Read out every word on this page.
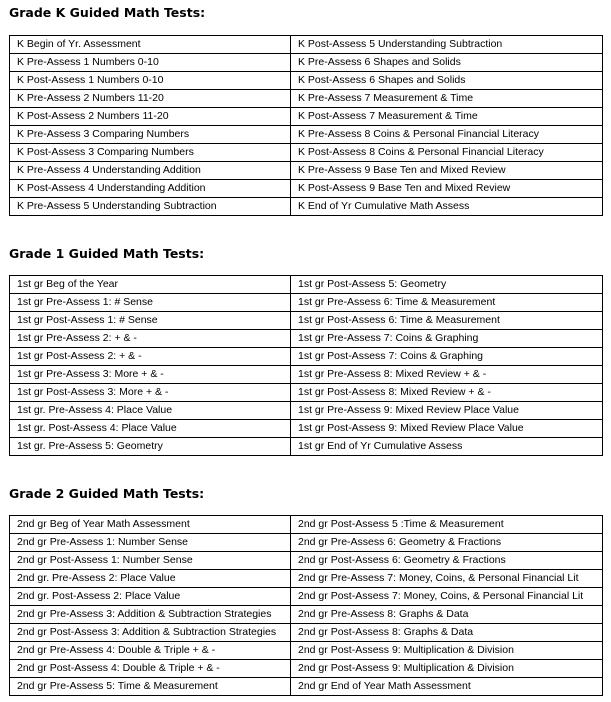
Grade K Guided Math Tests:
K Begin of Yr. Assessment	K Post-Assess 5 Understanding Subtraction
K Pre-Assess 1 Numbers 0-10	K Pre-Assess 6 Shapes and Solids
K Post-Assess 1 Numbers 0-10	K Post-Assess 6 Shapes and Solids
K Pre-Assess 2 Numbers 11-20	K Pre-Assess 7 Measurement & Time
K Post-Assess 2 Numbers 11-20	K Post-Assess 7 Measurement & Time
K Pre-Assess 3 Comparing Numbers	K Pre-Assess 8 Coins & Personal Financial Literacy
K Post-Assess 3 Comparing Numbers	K Post-Assess 8 Coins & Personal Financial Literacy
K Pre-Assess 4 Understanding Addition	K Pre-Assess 9 Base Ten and Mixed Review
K Post-Assess 4 Understanding Addition	K Post-Assess 9 Base Ten and Mixed Review
K Pre-Assess 5 Understanding Subtraction	K End of Yr Cumulative Math Assess
Grade 1 Guided Math Tests:
1st gr Beg of the Year	1st gr Post-Assess 5: Geometry
1st gr Pre-Assess 1: # Sense	1st gr Pre-Assess 6: Time & Measurement
1st gr Post-Assess 1: # Sense	1st gr Post-Assess 6: Time & Measurement
1st gr Pre-Assess 2: + & -	1st gr Pre-Assess 7: Coins & Graphing
1st gr Post-Assess 2: + & -	1st gr Post-Assess 7: Coins & Graphing
1st gr Pre-Assess 3: More + & -	1st gr Pre-Assess 8: Mixed Review + & -
1st gr Post-Assess 3: More + & -	1st gr Post-Assess 8: Mixed Review + & -
1st gr. Pre-Assess 4: Place Value	1st gr Pre-Assess 9: Mixed Review Place Value
1st gr. Post-Assess 4: Place Value	1st gr Post-Assess 9: Mixed Review Place Value
1st gr. Pre-Assess 5: Geometry	1st gr End of Yr Cumulative Assess
Grade 2 Guided Math Tests:
2nd gr Beg of Year Math Assessment	2nd gr Post-Assess 5 :Time & Measurement
2nd gr Pre-Assess 1: Number Sense	2nd gr Pre-Assess 6: Geometry & Fractions
2nd gr Post-Assess 1: Number Sense	2nd gr Post-Assess 6: Geometry & Fractions
2nd gr. Pre-Assess 2: Place Value	2nd gr Pre-Assess 7: Money, Coins, & Personal Financial Lit
2nd gr. Post-Assess 2: Place Value	2nd gr Post-Assess 7: Money, Coins, & Personal Financial Lit
2nd gr Pre-Assess 3: Addition & Subtraction Strategies	2nd gr Pre-Assess 8: Graphs & Data
2nd gr Post-Assess 3: Addition & Subtraction Strategies	2nd gr Post-Assess 8: Graphs & Data
2nd gr Pre-Assess 4: Double & Triple + & -	2nd gr Post-Assess 9: Multiplication & Division
2nd gr Post-Assess 4: Double & Triple + & -	2nd gr Post-Assess 9: Multiplication & Division
2nd gr Pre-Assess 5: Time & Measurement	2nd gr End of Year Math Assessment
